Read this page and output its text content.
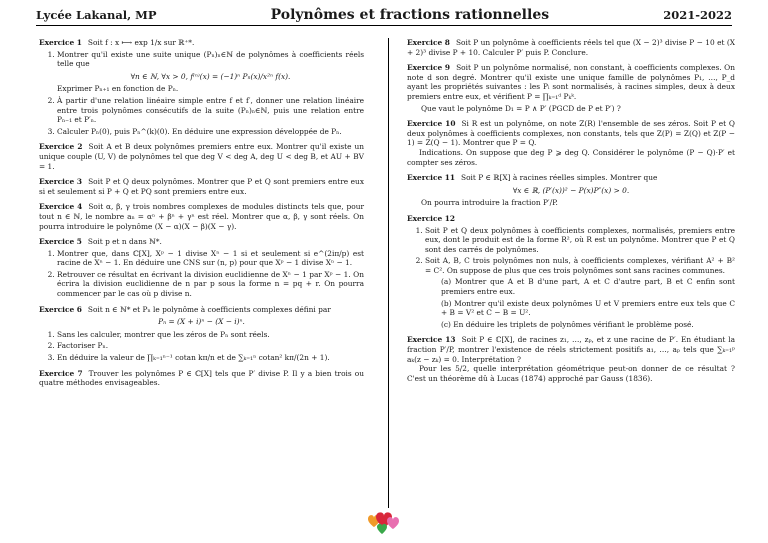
Lycée Lakanal, MP	Polynômes et fractions rationnelles	2021-2022
Exercice 1 Soit f : x ⟼ exp 1/x sur ℝ⁺*.
1. Montrer qu'il existe une suite unique (Pₙ)ₙ∈ℕ de polynômes à coefficients réels telle que
∀n ∈ ℕ, ∀x > 0, f⁽ⁿ⁾(x) = (−1)ⁿ Pₙ(x)/x²ⁿ f(x).
Exprimer Pₙ₊₁ en fonction de Pₙ.
2. À partir d'une relation linéaire simple entre f et f′, donner une relation linéaire entre trois polynômes consécutifs de la suite (Pₙ)ₙ∈ℕ, puis une relation entre Pₙ₋₁ et P′ₙ.
3. Calculer Pₙ(0), puis Pₙ^(k)(0). En déduire une expression développée de Pₙ.
Exercice 2 Soit A et B deux polynômes premiers entre eux. Montrer qu'il existe un unique couple (U, V) de polynômes tel que deg V < deg A, deg U < deg B, et AU + BV = 1.
Exercice 3 Soit P et Q deux polynômes. Montrer que P et Q sont premiers entre eux si et seulement si P + Q et PQ sont premiers entre eux.
Exercice 4 Soit α, β, γ trois nombres complexes de modules distincts tels que, pour tout n ∈ ℕ, le nombre aₙ = αⁿ + βⁿ + γⁿ est réel. Montrer que α, β, γ sont réels. On pourra introduire le polynôme (X − α)(X − β)(X − γ).
Exercice 5 Soit p et n dans ℕ*.
1. Montrer que, dans ℂ[X], Xᵖ − 1 divise Xⁿ − 1 si et seulement si e^(2iπ/p) est racine de Xⁿ − 1. En déduire une CNS sur (n, p) pour que Xᵖ − 1 divise Xⁿ − 1.
2. Retrouver ce résultat en écrivant la division euclidienne de Xⁿ − 1 par Xᵖ − 1. On écrira la division euclidienne de n par p sous la forme n = pq + r. On pourra commencer par le cas où p divise n.
Exercice 6 Soit n ∈ ℕ* et Pₙ le polynôme à coefficients complexes défini par
Pₙ = (X + i)ⁿ − (X − i)ⁿ.
1. Sans les calculer, montrer que les zéros de Pₙ sont réels.
2. Factoriser Pₙ.
3. En déduire la valeur de ∏ₖ₌₁ⁿ⁻¹ cotan kπ/n et de ∑ₖ₌₁ⁿ cotan² kπ/(2n + 1).
Exercice 7 Trouver les polynômes P ∈ ℂ[X] tels que P′ divise P. Il y a bien trois ou quatre méthodes envisageables.
Exercice 8 Soit P un polynôme à coefficients réels tel que (X − 2)³ divise P − 10 et (X + 2)³ divise P + 10. Calculer P′ puis P. Conclure.
Exercice 9 Soit P un polynôme normalisé, non constant, à coefficients complexes. On note d son degré. Montrer qu'il existe une unique famille de polynômes P₁, …, P_d ayant les propriétés suivantes : les Pᵢ sont normalisés, à racines simples, deux à deux premiers entre eux, et vérifient P = ∏ₖ₌₁ᵈ Pₖᵏ.
Que vaut le polynôme D₁ = P ∧ P′ (PGCD de P et P′) ?
Exercice 10 Si R est un polynôme, on note Z(R) l'ensemble de ses zéros. Soit P et Q deux polynômes à coefficients complexes, non constants, tels que Z(P) = Z(Q) et Z(P − 1) = Z(Q − 1). Montrer que P = Q.
Indications. On suppose que deg P ⩾ deg Q. Considérer le polynôme (P − Q)·P′ et compter ses zéros.
Exercice 11 Soit P ∈ ℝ[X] à racines réelles simples. Montrer que
∀x ∈ ℝ, (P′(x))² − P(x)P″(x) > 0.
On pourra introduire la fraction P′/P.
Exercice 12
1. Soit P et Q deux polynômes à coefficients complexes, normalisés, premiers entre eux, dont le produit est de la forme R², où R est un polynôme. Montrer que P et Q sont des carrés de polynômes.
2. Soit A, B, C trois polynômes non nuls, à coefficients complexes, vérifiant A² + B² = C². On suppose de plus que ces trois polynômes sont sans racines communes.
(a) Montrer que A et B d'une part, A et C d'autre part, B et C enfin sont premiers entre eux.
(b) Montrer qu'il existe deux polynômes U et V premiers entre eux tels que C + B = V² et C − B = U².
(c) En déduire les triplets de polynômes vérifiant le problème posé.
Exercice 13 Soit P ∈ ℂ[X], de racines z₁, …, zₚ, et z une racine de P′. En étudiant la fraction P′/P, montrer l'existence de réels strictement positifs a₁, …, aₚ tels que ∑ₖ₌₁ᵖ aₖ(z − zₖ) = 0. Interprétation ?
Pour les 5/2, quelle interprétation géométrique peut-on donner de ce résultat ? C'est un théorème dû à Lucas (1874) approché par Gauss (1836).
